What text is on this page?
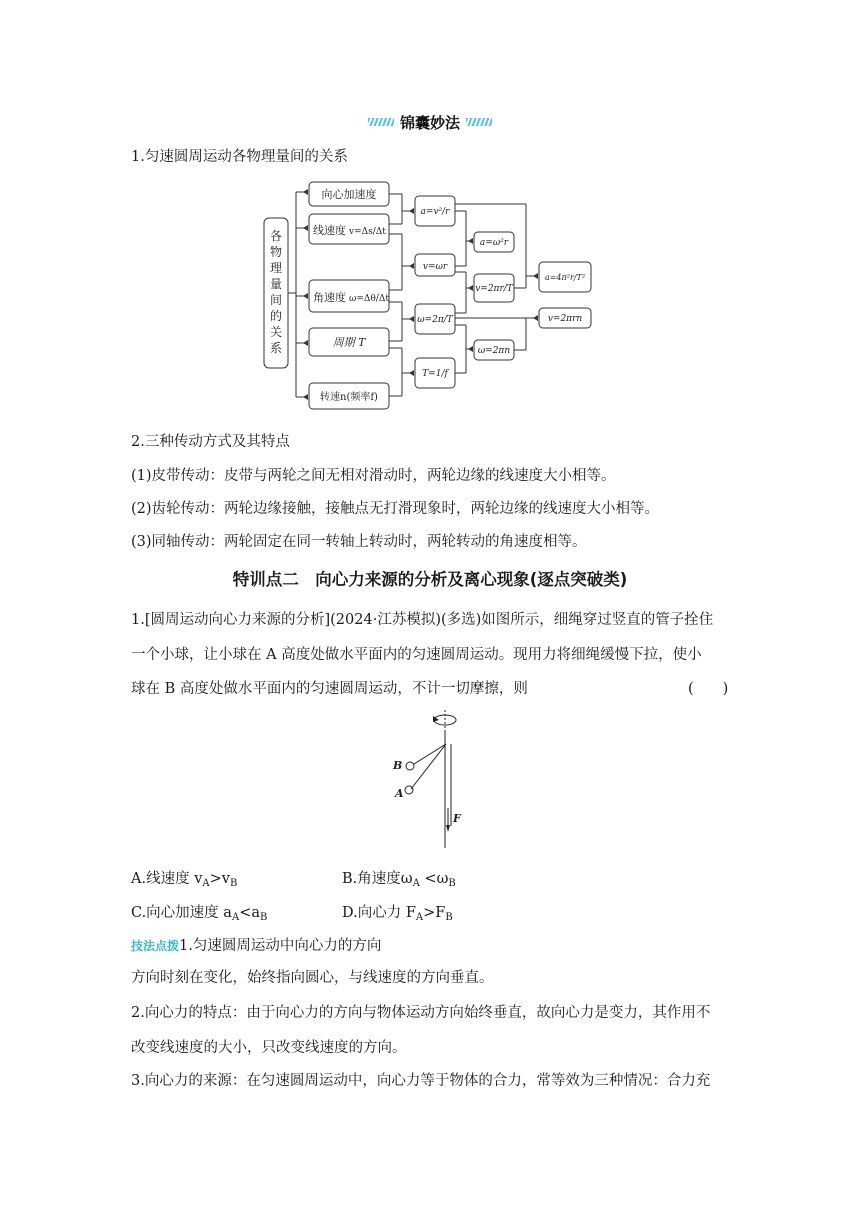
锦囊妙法
1.匀速圆周运动各物理量间的关系
各
物
理
量
间
的
关
系
向心加速度
线速度 v=Δs/Δt
角速度 ω=Δθ/Δt
周期 T
转速n(频率f)
a=v²/r
v=ωr
ω=2π/T
T=1/f
a=ω²r
v=2πr/T
ω=2πn
a=4π²r/T²
v=2πrn
2.三种传动方式及其特点
(1)皮带传动：皮带与两轮之间无相对滑动时，两轮边缘的线速度大小相等。
(2)齿轮传动：两轮边缘接触，接触点无打滑现象时，两轮边缘的线速度大小相等。
(3)同轴传动：两轮固定在同一转轴上转动时，两轮转动的角速度相等。
特训点二　向心力来源的分析及离心现象(逐点突破类)
1.[圆周运动向心力来源的分析](2024·江苏模拟)(多选)如图所示，细绳穿过竖直的管子拴住
一个小球，让小球在 A 高度处做水平面内的匀速圆周运动。现用力将细绳缓慢下拉，使小
球在 B 高度处做水平面内的匀速圆周运动，不计一切摩擦，则	(　　)
B
A
F
A.线速度 $v_A>v_B$	B.角速度$\omega_A <\omega_B$
C.向心加速度 $a_A<a_B$	D.向心力 $F_A>F_B$
技法点拨1.匀速圆周运动中向心力的方向
方向时刻在变化，始终指向圆心，与线速度的方向垂直。
2.向心力的特点：由于向心力的方向与物体运动方向始终垂直，故向心力是变力，其作用不
改变线速度的大小，只改变线速度的方向。
3.向心力的来源：在匀速圆周运动中，向心力等于物体的合力，常等效为三种情况：合力充
